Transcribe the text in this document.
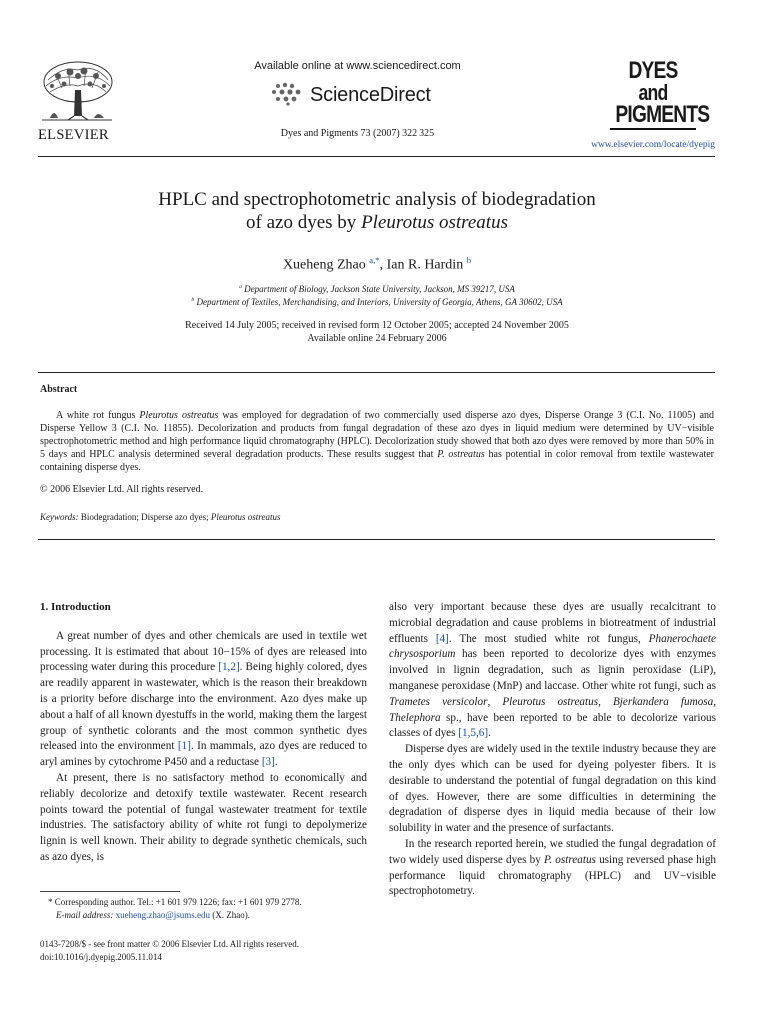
ELSEVIER
Available online at www.sciencedirect.com
ScienceDirect
Dyes and Pigments 73 (2007) 322 325
DYES
and
PIGMENTS
www.elsevier.com/locate/dyepig
HPLC and spectrophotometric analysis of biodegradation
of azo dyes by Pleurotus ostreatus
Xueheng Zhao $^{a,*}$, Ian R. Hardin $^b$
$^a$ Department of Biology, Jackson State University, Jackson, MS 39217, USA
$^b$ Department of Textiles, Merchandising, and Interiors, University of Georgia, Athens, GA 30602, USA
Received 14 July 2005; received in revised form 12 October 2005; accepted 24 November 2005
Available online 24 February 2006
Abstract

A white rot fungus Pleurotus ostreatus was employed for degradation of two commercially used disperse azo dyes, Disperse Orange 3 (C.I. No. 11005) and Disperse Yellow 3 (C.I. No. 11855). Decolorization and products from fungal degradation of these azo dyes in liquid medium were determined by UV−visible spectrophotometric method and high performance liquid chromatography (HPLC). Decolorization study showed that both azo dyes were removed by more than 50% in 5 days and HPLC analysis determined several degradation products. These results suggest that P. ostreatus has potential in color removal from textile wastewater containing disperse dyes.

© 2006 Elsevier Ltd. All rights reserved.
Keywords: Biodegradation; Disperse azo dyes; Pleurotus ostreatus

1. Introduction

A great number of dyes and other chemicals are used in textile wet processing. It is estimated that about 10−15% of dyes are released into processing water during this procedure [1,2]. Being highly colored, dyes are readily apparent in wastewater, which is the reason their breakdown is a priority before discharge into the environment. Azo dyes make up about a half of all known dyestuffs in the world, making them the largest group of synthetic colorants and the most common synthetic dyes released into the environment [1]. In mammals, azo dyes are reduced to aryl amines by cytochrome P450 and a reductase [3].

At present, there is no satisfactory method to economically and reliably decolorize and detoxify textile wastewater. Recent research points toward the potential of fungal wastewater treatment for textile industries. The satisfactory ability of white rot fungi to depolymerize lignin is well known. Their ability to degrade synthetic chemicals, such as azo dyes, is

* Corresponding author. Tel.: +1 601 979 1226; fax: +1 601 979 2778.
E-mail address: xueheng.zhao@jsums.edu (X. Zhao).
0143-7208/$ - see front matter © 2006 Elsevier Ltd. All rights reserved.
doi:10.1016/j.dyepig.2005.11.014

also very important because these dyes are usually recalcitrant to microbial degradation and cause problems in biotreatment of industrial effluents [4]. The most studied white rot fungus, Phanerochaete chrysosporium has been reported to decolorize dyes with enzymes involved in lignin degradation, such as lignin peroxidase (LiP), manganese peroxidase (MnP) and laccase. Other white rot fungi, such as Trametes versicolor, Pleurotus ostreatus, Bjerkandera fumosa, Thelephora sp., have been reported to be able to decolorize various classes of dyes [1,5,6].

Disperse dyes are widely used in the textile industry because they are the only dyes which can be used for dyeing polyester fibers. It is desirable to understand the potential of fungal degradation on this kind of dyes. However, there are some difficulties in determining the degradation of disperse dyes in liquid media because of their low solubility in water and the presence of surfactants.

In the research reported herein, we studied the fungal degradation of two widely used disperse dyes by P. ostreatus using reversed phase high performance liquid chromatography (HPLC) and UV−visible spectrophotometry.
